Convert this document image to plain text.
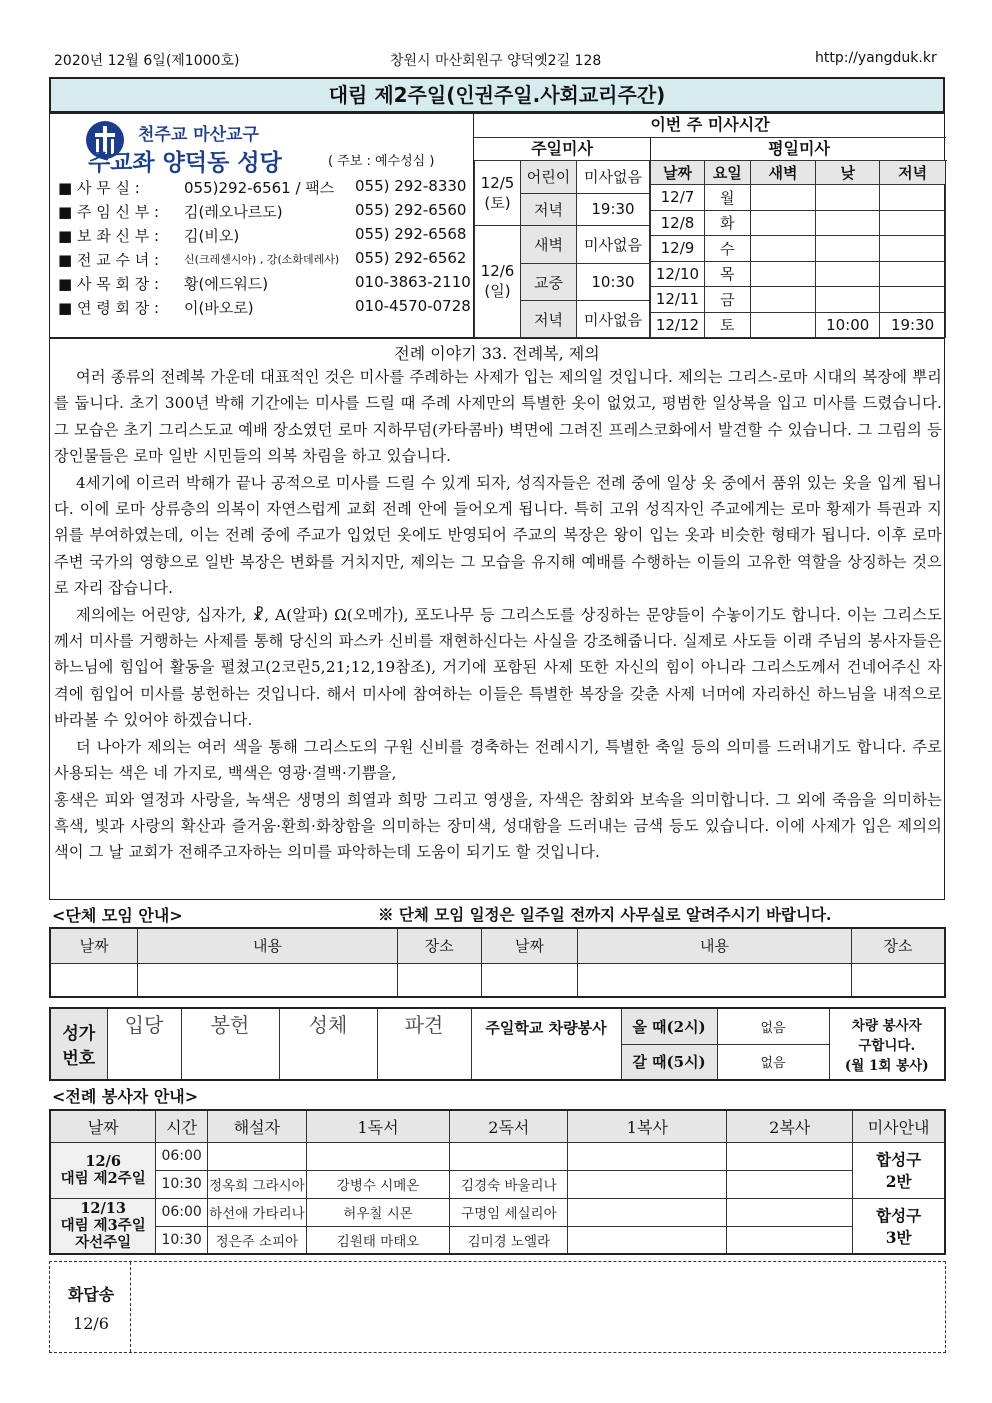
2020년 12월 6일(제1000호)	창원시 마산회원구 양덕옛2길 128	http://yangduk.kr
대림 제2주일(인권주일.사회교리주간)
천주교 마산교구
주교좌 양덕동 성당	( 주보 : 예수성심 )
■ 사 무 실 :	055)292-6561 / 팩스 055) 292-8330
■ 주 임 신 부 : 김(레오나르도)	055) 292-6560
■ 보 좌 신 부 : 김(비오)	055) 292-6568
■ 전 교 수 녀 : 신(크레센시아) , 강(소화데레사) 055) 292-6562
■ 사 목 회 장 : 황(에드워드)	010-3863-2110
■ 연 령 회 장 : 이(바오로)	010-4570-0728
이번 주 미사시간
주일미사	평일미사
12/5
(토)	어린이	미사없음
	저녁	19:30
12/6
(일)	새벽	미사없음
	교중	10:30
	저녁	미사없음
날짜	요일	새벽	낮	저녁
12/7	월			
12/8	화			
12/9	수			
12/10	목			
12/11	금			
12/12	토		10:00	19:30
전례 이야기 33. 전례복, 제의

여러 종류의 전례복 가운데 대표적인 것은 미사를 주례하는 사제가 입는 제의일 것입니다. 제의는 그리스-로마 시대의 복장에 뿌리를 둡니다. 초기 300년 박해 기간에는 미사를 드릴 때 주례 사제만의 특별한 옷이 없었고, 평범한 일상복을 입고 미사를 드렸습니다. 그 모습은 초기 그리스도교 예배 장소였던 로마 지하무덤(카타콤바) 벽면에 그려진 프레스코화에서 발견할 수 있습니다. 그 그림의 등장인물들은 로마 일반 시민들의 의복 차림을 하고 있습니다.

4세기에 이르러 박해가 끝나 공적으로 미사를 드릴 수 있게 되자, 성직자들은 전례 중에 일상 옷 중에서 품위 있는 옷을 입게 됩니다. 이에 로마 상류층의 의복이 자연스럽게 교회 전례 안에 들어오게 됩니다. 특히 고위 성직자인 주교에게는 로마 황제가 특권과 지위를 부여하였는데, 이는 전례 중에 주교가 입었던 옷에도 반영되어 주교의 복장은 왕이 입는 옷과 비슷한 형태가 됩니다. 이후 로마 주변 국가의 영향으로 일반 복장은 변화를 거치지만, 제의는 그 모습을 유지해 예배를 수행하는 이들의 고유한 역할을 상징하는 것으로 자리 잡습니다.

제의에는 어린양, 십자가, ☧, Α(알파) Ω(오메가), 포도나무 등 그리스도를 상징하는 문양들이 수놓이기도 합니다. 이는 그리스도께서 미사를 거행하는 사제를 통해 당신의 파스카 신비를 재현하신다는 사실을 강조해줍니다. 실제로 사도들 이래 주님의 봉사자들은 하느님에 힘입어 활동을 펼쳤고(2코린5,21;12,19참조), 거기에 포함된 사제 또한 자신의 힘이 아니라 그리스도께서 건네어주신 자격에 힘입어 미사를 봉헌하는 것입니다. 해서 미사에 참여하는 이들은 특별한 복장을 갖춘 사제 너머에 자리하신 하느님을 내적으로 바라볼 수 있어야 하겠습니다.

더 나아가 제의는 여러 색을 통해 그리스도의 구원 신비를 경축하는 전례시기, 특별한 축일 등의 의미를 드러내기도 합니다. 주로 사용되는 색은 네 가지로, 백색은 영광·결백·기쁨을,

홍색은 피와 열정과 사랑을, 녹색은 생명의 희열과 희망 그리고 영생을, 자색은 참회와 보속을 의미합니다. 그 외에 죽음을 의미하는 흑색, 빛과 사랑의 확산과 즐거움·환희·화창함을 의미하는 장미색, 성대함을 드러내는 금색 등도 있습니다. 이에 사제가 입은 제의의 색이 그 날 교회가 전해주고자하는 의미를 파악하는데 도움이 되기도 할 것입니다.

<단체 모임 안내>	※ 단체 모임 일정은 일주일 전까지 사무실로 알려주시기 바랍니다.
날짜	내용	장소	날짜	내용	장소

성가
번호	입당	봉헌	성체	파견	주일학교 차량봉사	올 때(2시)	없음	차량 봉사자
구합니다.
(월 1회 봉사)
						갈 때(5시)	없음	
<전례 봉사자 안내>
날짜	시간	해설자	1독서	2독서	1복사	2복사	미사안내
12/6
대림 제2주일	06:00						합성구
2반
	10:30	정옥희 그라시아	강병수 시메온	김경숙 바울리나			
12/13
대림 제3주일
자선주일	06:00	하선애 가타리나	허우칠 시몬	구명임 세실리아			합성구
3반
	10:30	정은주 소피아	김원태 마태오	김미경 노엘라			
화답송
12/6
